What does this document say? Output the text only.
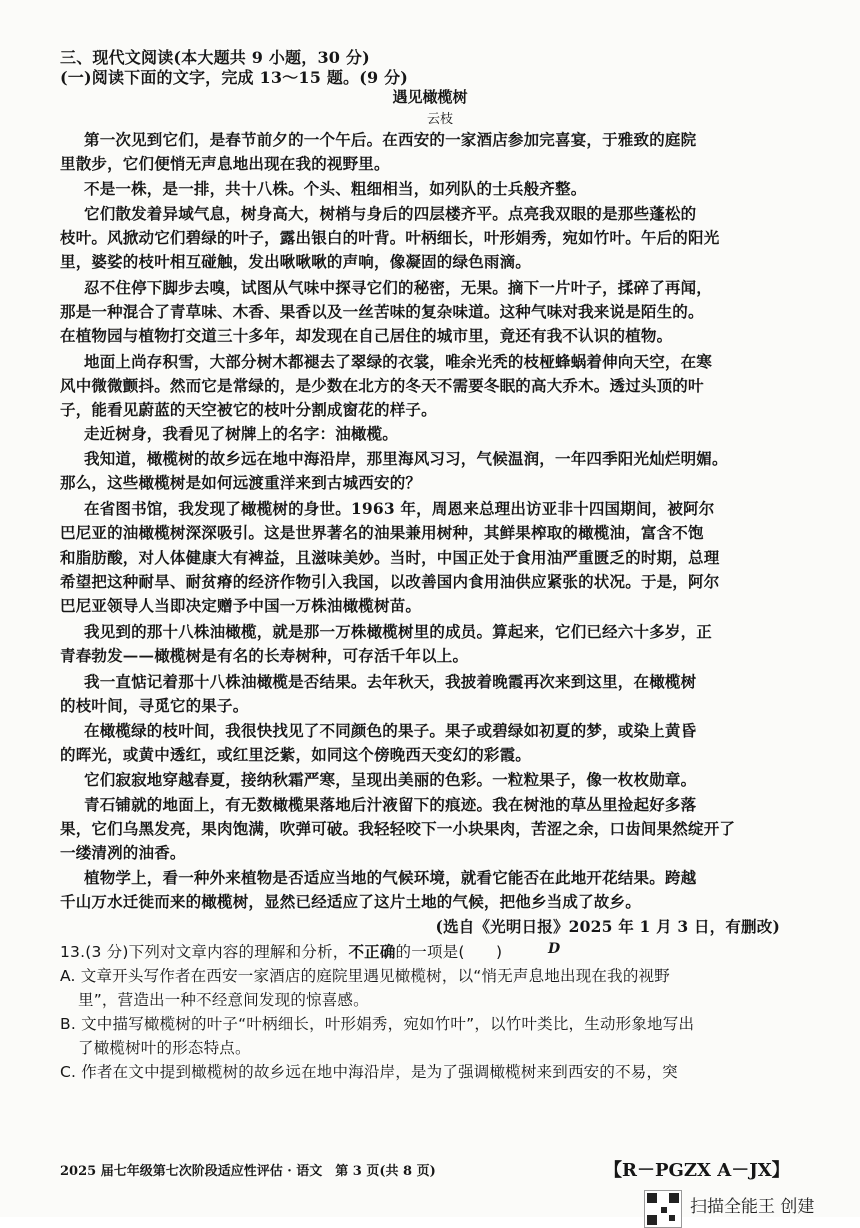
三、现代文阅读(本大题共 9 小题，30 分)
(一)阅读下面的文字，完成 13～15 题。(9 分)
遇见橄榄树
云枝
第一次见到它们，是春节前夕的一个午后。在西安的一家酒店参加完喜宴，于雅致的庭院
里散步，它们便悄无声息地出现在我的视野里。
不是一株，是一排，共十八株。个头、粗细相当，如列队的士兵般齐整。
它们散发着异域气息，树身高大，树梢与身后的四层楼齐平。点亮我双眼的是那些蓬松的
枝叶。风掀动它们碧绿的叶子，露出银白的叶背。叶柄细长，叶形娟秀，宛如竹叶。午后的阳光
里，婆娑的枝叶相互碰触，发出啾啾啾的声响，像凝固的绿色雨滴。
忍不住停下脚步去嗅，试图从气味中探寻它们的秘密，无果。摘下一片叶子，揉碎了再闻，
那是一种混合了青草味、木香、果香以及一丝苦味的复杂味道。这种气味对我来说是陌生的。
在植物园与植物打交道三十多年，却发现在自己居住的城市里，竟还有我不认识的植物。
地面上尚存积雪，大部分树木都褪去了翠绿的衣裳，唯余光秃的枝桠蜂蜗着伸向天空，在寒
风中微微颤抖。然而它是常绿的，是少数在北方的冬天不需要冬眠的高大乔木。透过头顶的叶
子，能看见蔚蓝的天空被它的枝叶分割成窗花的样子。
走近树身，我看见了树牌上的名字：油橄榄。
我知道，橄榄树的故乡远在地中海沿岸，那里海风习习，气候温润，一年四季阳光灿烂明媚。
那么，这些橄榄树是如何远渡重洋来到古城西安的？
在省图书馆，我发现了橄榄树的身世。1963 年，周恩来总理出访亚非十四国期间，被阿尔
巴尼亚的油橄榄树深深吸引。这是世界著名的油果兼用树种，其鲜果榨取的橄榄油，富含不饱
和脂肪酸，对人体健康大有裨益，且滋味美妙。当时，中国正处于食用油严重匮乏的时期，总理
希望把这种耐旱、耐贫瘠的经济作物引入我国，以改善国内食用油供应紧张的状况。于是，阿尔
巴尼亚领导人当即决定赠予中国一万株油橄榄树苗。
我见到的那十八株油橄榄，就是那一万株橄榄树里的成员。算起来，它们已经六十多岁，正
青春勃发——橄榄树是有名的长寿树种，可存活千年以上。
我一直惦记着那十八株油橄榄是否结果。去年秋天，我披着晚霞再次来到这里，在橄榄树
的枝叶间，寻觅它的果子。
在橄榄绿的枝叶间，我很快找见了不同颜色的果子。果子或碧绿如初夏的梦，或染上黄昏
的晖光，或黄中透红，或红里泛紫，如同这个傍晚西天变幻的彩霞。
它们寂寂地穿越春夏，接纳秋霜严寒，呈现出美丽的色彩。一粒粒果子，像一枚枚勋章。
青石铺就的地面上，有无数橄榄果落地后汁液留下的痕迹。我在树池的草丛里捡起好多落
果，它们乌黑发亮，果肉饱满，吹弹可破。我轻轻咬下一小块果肉，苦涩之余，口齿间果然绽开了
一缕清冽的油香。
植物学上，看一种外来植物是否适应当地的气候环境，就看它能否在此地开花结果。跨越
千山万水迁徙而来的橄榄树，显然已经适应了这片土地的气候，把他乡当成了故乡。
(选自《光明日报》2025 年 1 月 3 日，有删改)
13.(3 分)下列对文章内容的理解和分析，不正确的一项是(　　)	D
A. 文章开头写作者在西安一家酒店的庭院里遇见橄榄树，以“悄无声息地出现在我的视野
里”，营造出一种不经意间发现的惊喜感。
B. 文中描写橄榄树的叶子“叶柄细长，叶形娟秀，宛如竹叶”，以竹叶类比，生动形象地写出
了橄榄树叶的形态特点。
C. 作者在文中提到橄榄树的故乡远在地中海沿岸，是为了强调橄榄树来到西安的不易，突
2025 届七年级第七次阶段适应性评估 · 语文　第 3 页(共 8 页)	【R－PGZX A－JX】
扫描全能王 创建
